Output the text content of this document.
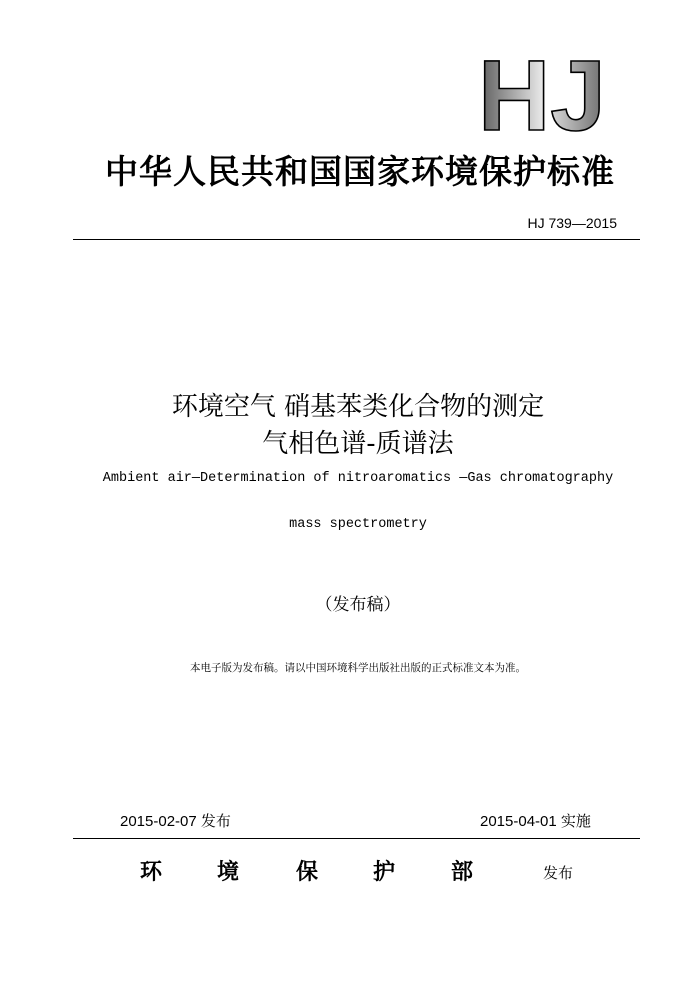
HJ
中华人民共和国国家环境保护标准
HJ 739—2015
环境空气 硝基苯类化合物的测定
气相色谱-质谱法
Ambient air—Determination of nitroaromatics —Gas chromatography
mass spectrometry
（发布稿）
本电子版为发布稿。请以中国环境科学出版社出版的正式标准文本为准。
2015-02-07 发布	2015-04-01 实施
环 境	保 护	部	发布
